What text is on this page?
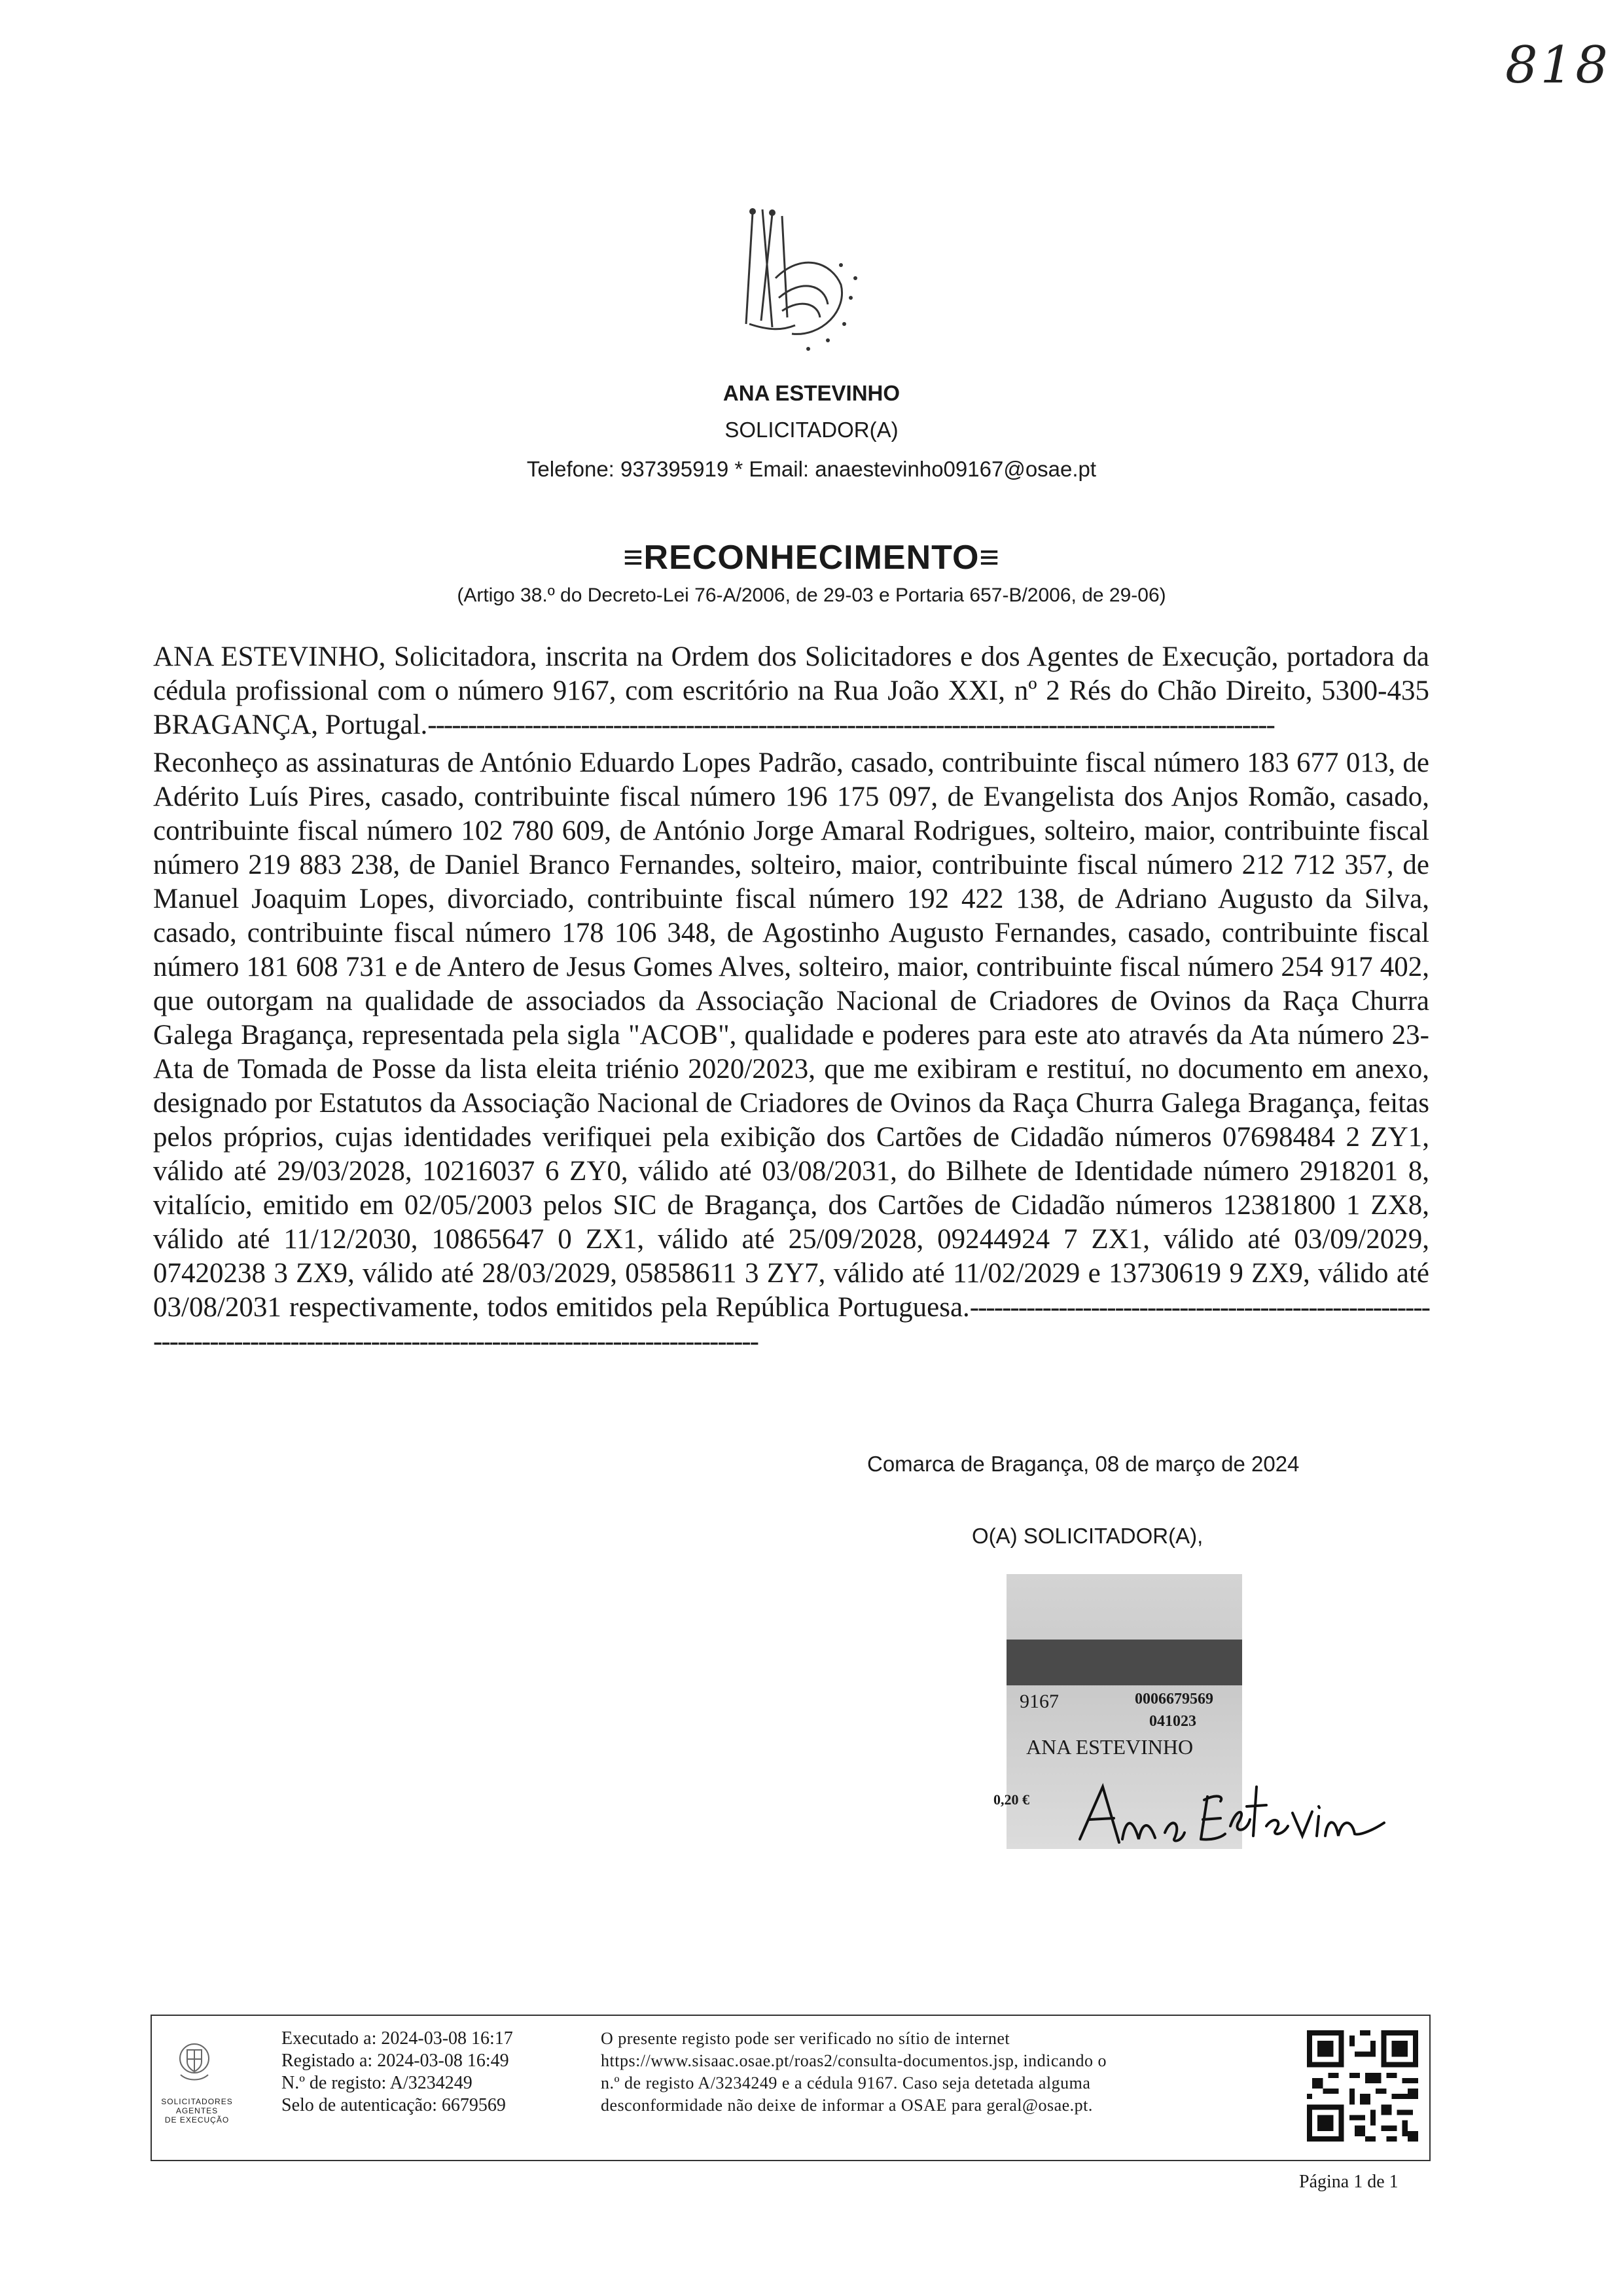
818
ANA ESTEVINHO
SOLICITADOR(A)
Telefone: 937395919 * Email: anaestevinho09167@osae.pt
≡RECONHECIMENTO≡
(Artigo 38.º do Decreto-Lei 76-A/2006, de 29-03 e Portaria 657-B/2006, de 29-06)
ANA ESTEVINHO, Solicitadora, inscrita na Ordem dos Solicitadores e dos Agentes de Execução, portadora da cédula profissional com o número 9167, com escritório na Rua João XXI, nº 2 Rés do Chão Direito, 5300-435 BRAGANÇA, Portugal.---------------------------------------------------------------------------------------------------------
Reconheço as assinaturas de António Eduardo Lopes Padrão, casado, contribuinte fiscal número 183 677 013, de Adérito Luís Pires, casado, contribuinte fiscal número 196 175 097, de Evangelista dos Anjos Romão, casado, contribuinte fiscal número 102 780 609, de António Jorge Amaral Rodrigues, solteiro, maior, contribuinte fiscal número 219 883 238, de Daniel Branco Fernandes, solteiro, maior, contribuinte fiscal número 212 712 357, de Manuel Joaquim Lopes, divorciado, contribuinte fiscal número 192 422 138, de Adriano Augusto da Silva, casado, contribuinte fiscal número 178 106 348, de Agostinho Augusto Fernandes, casado, contribuinte fiscal número 181 608 731 e de Antero de Jesus Gomes Alves, solteiro, maior, contribuinte fiscal número 254 917 402, que outorgam na qualidade de associados da Associação Nacional de Criadores de Ovinos da Raça Churra Galega Bragança, representada pela sigla "ACOB", qualidade e poderes para este ato através da Ata número 23- Ata de Tomada de Posse da lista eleita triénio 2020/2023, que me exibiram e restituí, no documento em anexo, designado por Estatutos da Associação Nacional de Criadores de Ovinos da Raça Churra Galega Bragança, feitas pelos próprios, cujas identidades verifiquei pela exibição dos Cartões de Cidadão números 07698484 2 ZY1, válido até 29/03/2028, 10216037 6 ZY0, válido até 03/08/2031, do Bilhete de Identidade número 2918201 8, vitalício, emitido em 02/05/2003 pelos SIC de Bragança, dos Cartões de Cidadão números 12381800 1 ZX8, válido até 11/12/2030, 10865647 0 ZX1, válido até 25/09/2028, 09244924 7 ZX1, válido até 03/09/2029, 07420238 3 ZX9, válido até 28/03/2029, 05858611 3 ZY7, válido até 11/02/2029 e 13730619 9 ZX9, válido até 03/08/2031 respectivamente, todos emitidos pela República Portuguesa.------------------------------------------------------------------------------------------------------------------------------------
Comarca de Bragança, 08 de março de 2024
O(A) SOLICITADOR(A),
9167	0006679569
041023
ANA ESTEVINHO
0,20 €
SOLICITADORES
AGENTES
DE EXECUÇÃO
Executado a: 2024-03-08 16:17
Registado a: 2024-03-08 16:49
N.º de registo: A/3234249
Selo de autenticação: 6679569
O presente registo pode ser verificado no sítio de internet
https://www.sisaac.osae.pt/roas2/consulta-documentos.jsp, indicando o
n.º de registo A/3234249 e a cédula 9167. Caso seja detetada alguma
desconformidade não deixe de informar a OSAE para geral@osae.pt.
Página 1 de 1
